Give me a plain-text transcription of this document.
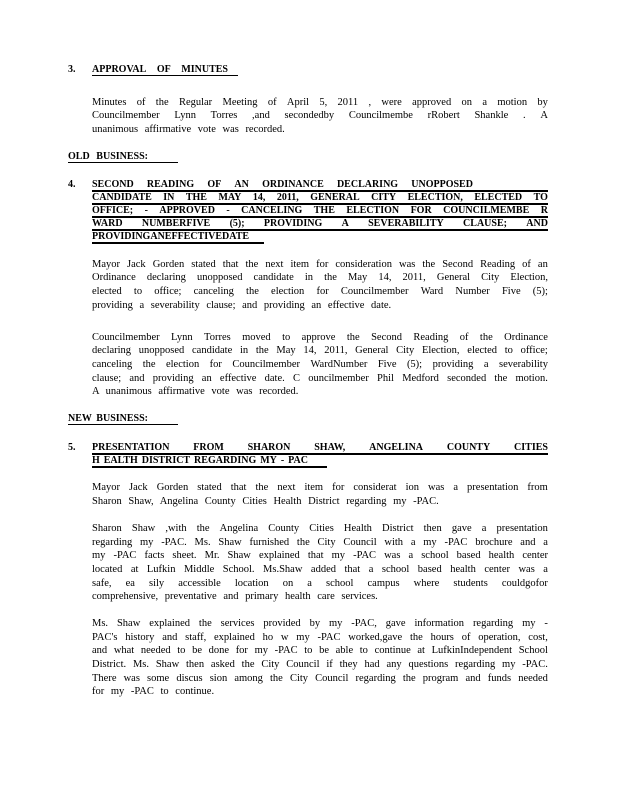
3.	APPROVAL OF MINUTES
Minutes of the Regular Meeting of April 5, 2011 , were approved on a motion by
Councilmember Lynn Torres ,and secondedby Councilmembe rRobert Shankle . A
unanimous affirmative vote was recorded.
OLD BUSINESS:
4.	SECOND READING OF AN ORDINANCE DECLARING UNOPPOSED
CANDIDATE IN THE MAY 14, 2011, GENERAL CITY ELECTION, ELECTED TO
OFFICE; - APPROVED - CANCELING THE ELECTION FOR COUNCILMEMBE R
WARD NUMBERFIVE (5); PROVIDING A SEVERABILITY CLAUSE; AND
PROVIDING AN EFFECTIVE DATE
Mayor Jack Gorden stated that the next item for consideration was the Second Reading of an
Ordinance declaring unopposed candidate in the May 14, 2011, General City Election,
elected to office; canceling the election for Councilmember Ward Number Five (5);
providing a severability clause; and providing an effective date.
Councilmember Lynn Torres moved to approve the Second Reading of the Ordinance
declaring unopposed candidate in the May 14, 2011, General City Election, elected to office;
canceling the election for Councilmember WardNumber Five (5); providing a severability
clause; and providing an effective date. C ouncilmember Phil Medford seconded the motion.
A unanimous affirmative vote was recorded.
NEW BUSINESS:
5.	PRESENTATION FROM SHARON SHAW, ANGELINA COUNTY CITIES
H EALTH DISTRICT REGARDING MY - PAC
Mayor Jack Gorden stated that the next item for considerat ion was a presentation from
Sharon Shaw, Angelina County Cities Health District regarding my -PAC.
Sharon Shaw ,with the Angelina County Cities Health District then gave a presentation
regarding my -PAC. Ms. Shaw furnished the City Council with a my -PAC brochure and a
my -PAC facts sheet. Mr. Shaw explained that my -PAC was a school based health center
located at Lufkin Middle School. Ms.Shaw added that a school based health center was a
safe, ea sily accessible location on a school campus where students couldgofor
comprehensive, preventative and primary health care services.
Ms. Shaw explained the services provided by my -PAC, gave information regarding my -
PAC's history and staff, explained ho w my -PAC worked,gave the hours of operation, cost,
and what needed to be done for my -PAC to be able to continue at LufkinIndependent School
District. Ms. Shaw then asked the City Council if they had any questions regarding my -PAC.
There was some discus sion among the City Council regarding the program and funds needed
for my -PAC to continue.
